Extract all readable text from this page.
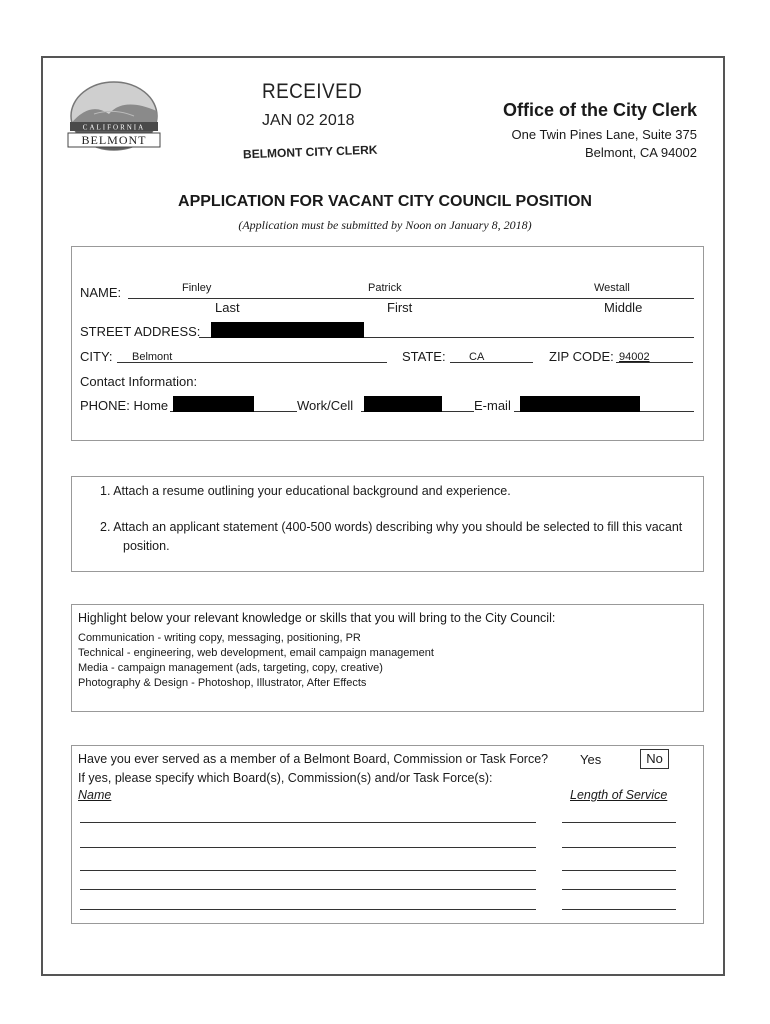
CALIFORNIA
BELMONT
RECEIVED
JAN 02 2018
BELMONT CITY CLERK
Office of the City Clerk
One Twin Pines Lane, Suite 375
Belmont, CA 94002
APPLICATION FOR VACANT CITY COUNCIL POSITION
(Application must be submitted by Noon on January 8, 2018)
NAME:	Finley	Patrick	Westall
Last	First	Middle
STREET ADDRESS:
CITY: Belmont	STATE: CA	ZIP CODE: 94002
Contact Information:
PHONE: Home	Work/Cell	E-mail
1. Attach a resume outlining your educational background and experience.
2. Attach an applicant statement (400-500 words) describing why you should be selected to fill this vacant
position.
Highlight below your relevant knowledge or skills that you will bring to the City Council:
Communication - writing copy, messaging, positioning, PR
Technical - engineering, web development, email campaign management
Media - campaign management (ads, targeting, copy, creative)
Photography & Design - Photoshop, Illustrator, After Effects
Have you ever served as a member of a Belmont Board, Commission or Task Force? Yes	No
If yes, please specify which Board(s), Commission(s) and/or Task Force(s):
Name	Length of Service
